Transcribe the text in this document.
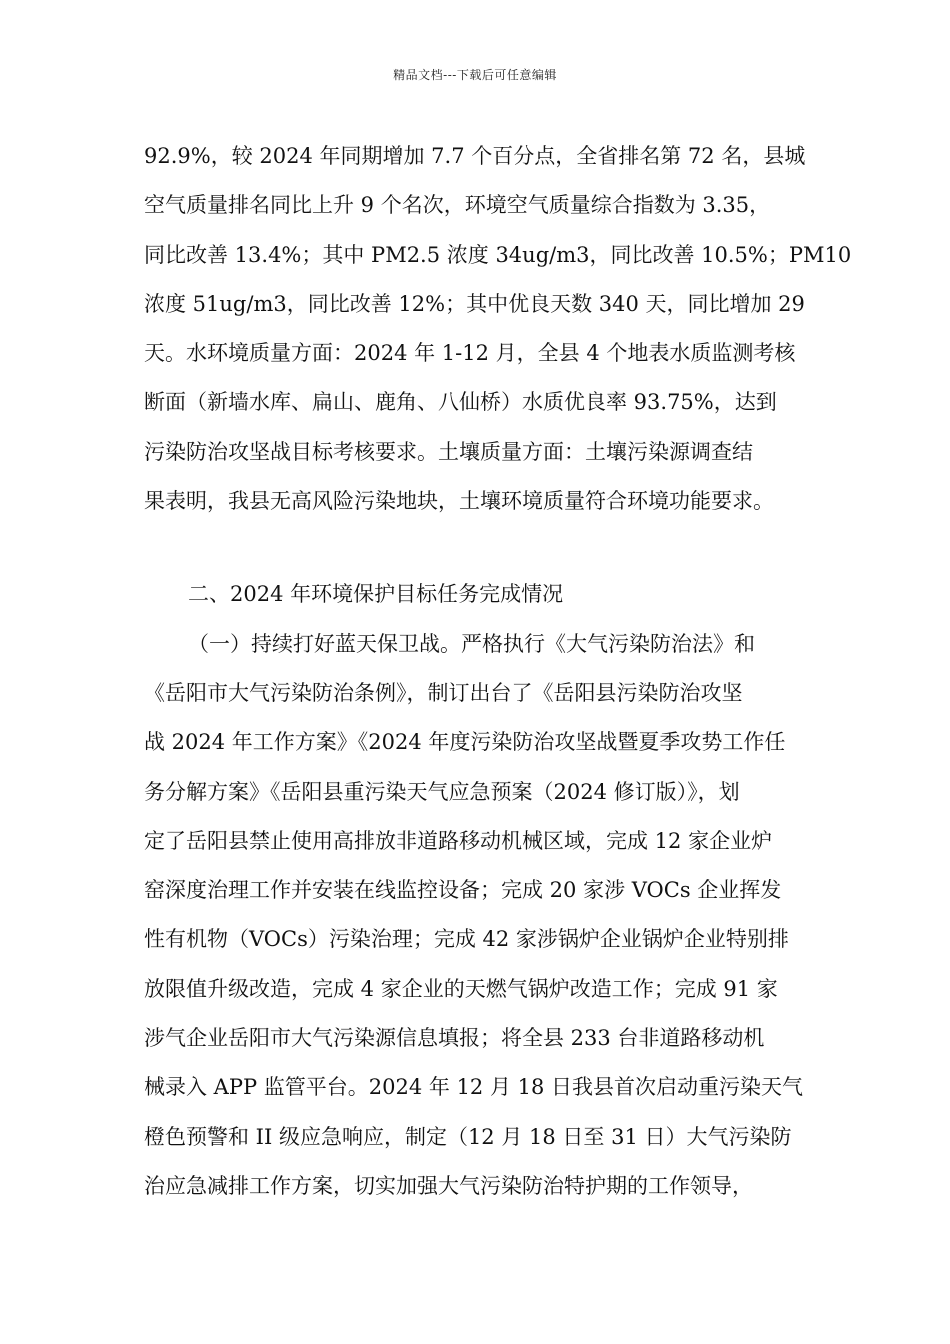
精品文档---下载后可任意编辑
92.9%，较 2024 年同期增加 7.7 个百分点，全省排名第 72 名，县城
空气质量排名同比上升 9 个名次，环境空气质量综合指数为 3.35，
同比改善 13.4%；其中 PM2.5 浓度 34ug/m3，同比改善 10.5%；PM10
浓度 51ug/m3，同比改善 12%；其中优良天数 340 天，同比增加 29
天。水环境质量方面：2024 年 1-12 月，全县 4 个地表水质监测考核
断面（新墙水库、扁山、鹿角、八仙桥）水质优良率 93.75%，达到
污染防治攻坚战目标考核要求。土壤质量方面：土壤污染源调查结
果表明，我县无高风险污染地块，土壤环境质量符合环境功能要求。
二、2024 年环境保护目标任务完成情况
（一）持续打好蓝天保卫战。严格执行《大气污染防治法》和
《岳阳市大气污染防治条例》，制订出台了《岳阳县污染防治攻坚
战 2024 年工作方案》《2024 年度污染防治攻坚战暨夏季攻势工作任
务分解方案》《岳阳县重污染天气应急预案（2024 修订版）》，划
定了岳阳县禁止使用高排放非道路移动机械区域，完成 12 家企业炉
窑深度治理工作并安装在线监控设备；完成 20 家涉 VOCs 企业挥发
性有机物（VOCs）污染治理；完成 42 家涉锅炉企业锅炉企业特别排
放限值升级改造，完成 4 家企业的天燃气锅炉改造工作；完成 91 家
涉气企业岳阳市大气污染源信息填报；将全县 233 台非道路移动机
械录入 APP 监管平台。2024 年 12 月 18 日我县首次启动重污染天气
橙色预警和 II 级应急响应，制定（12 月 18 日至 31 日）大气污染防
治应急减排工作方案，切实加强大气污染防治特护期的工作领导，
